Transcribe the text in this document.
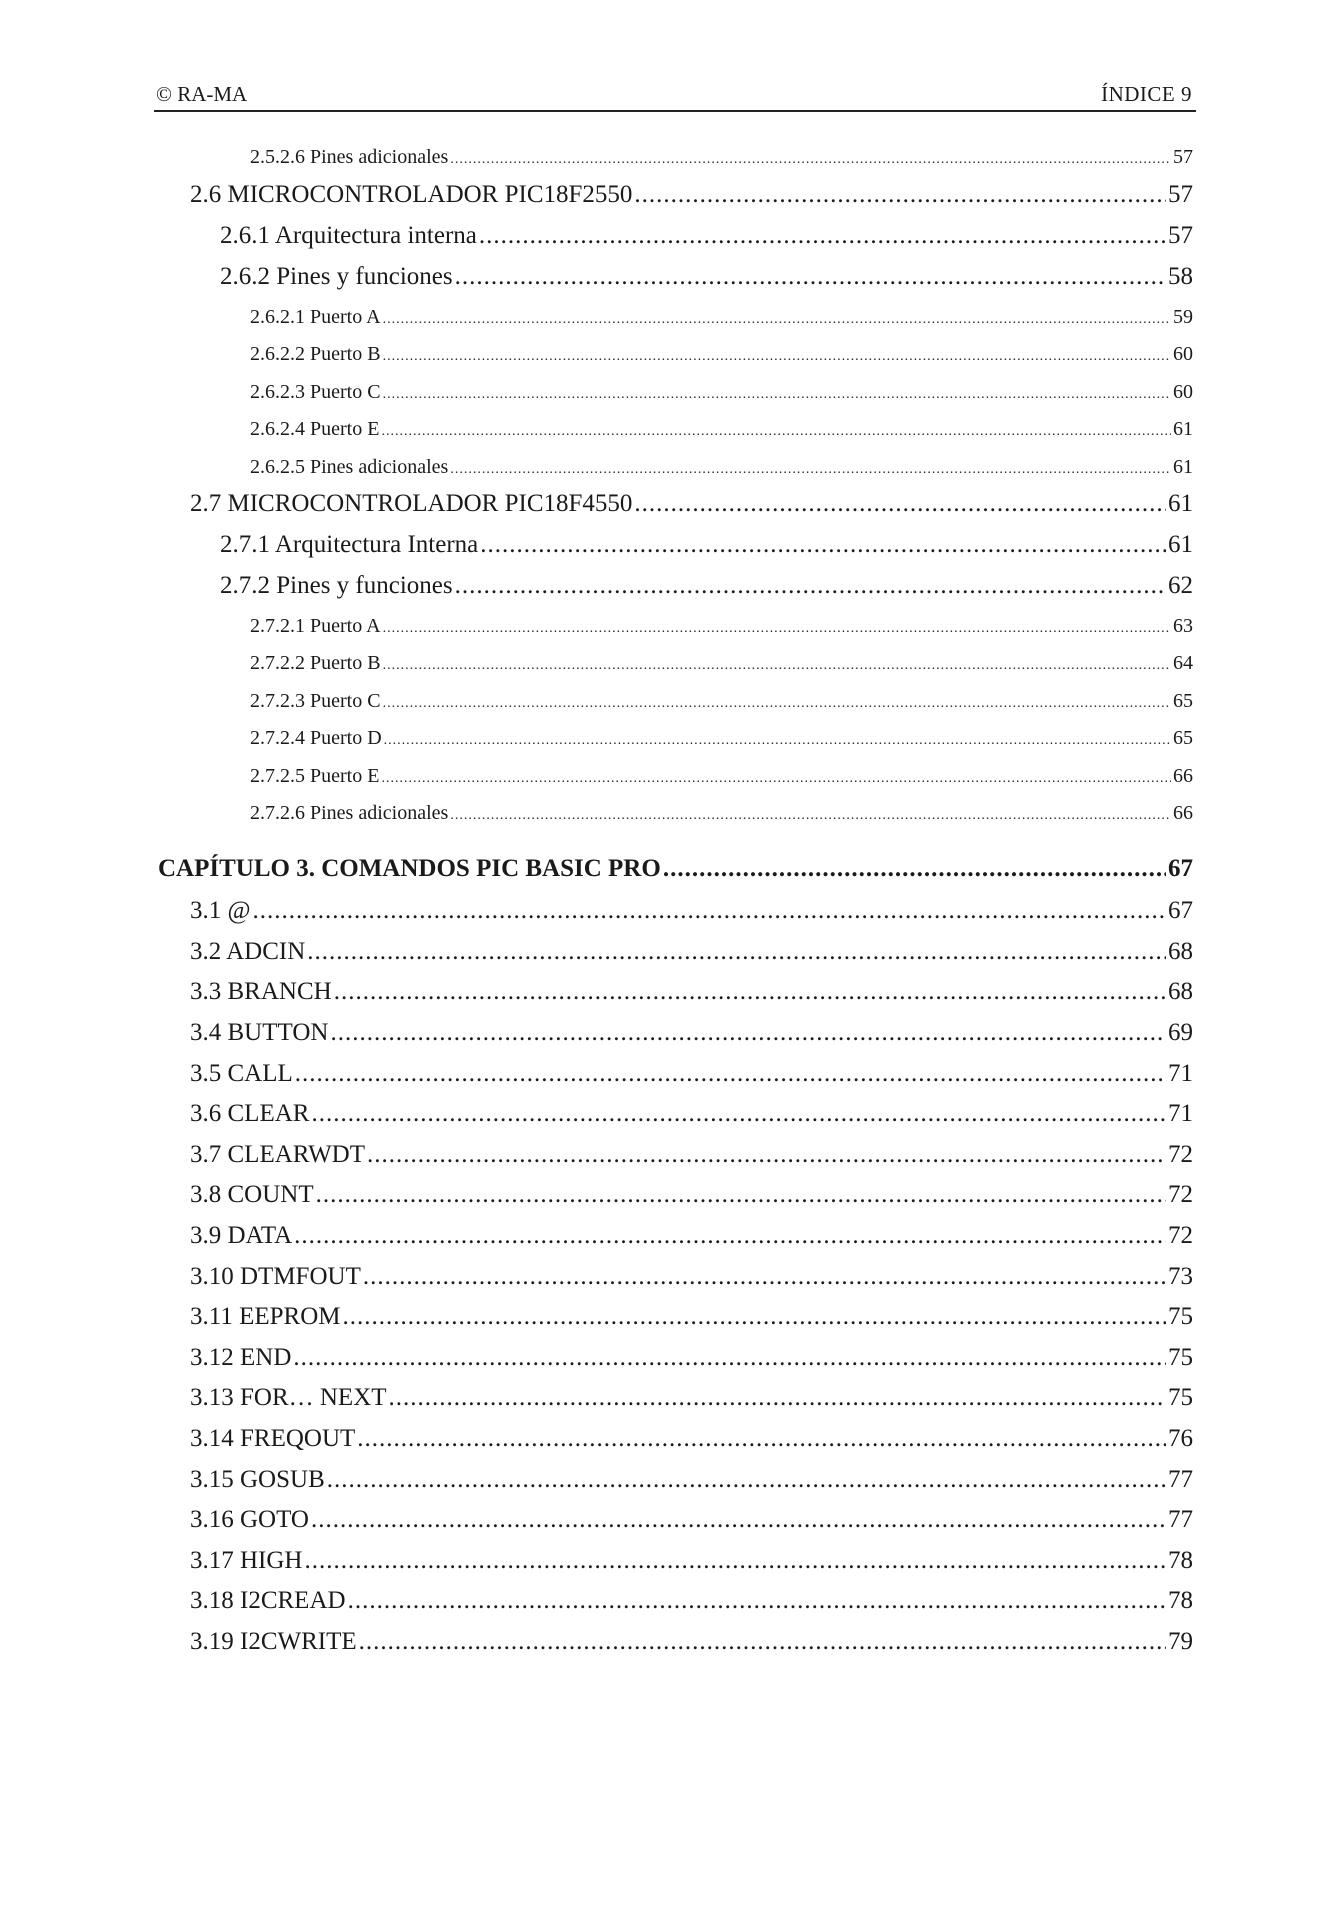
© RA-MA	ÍNDICE 9
2.5.2.6 Pines adicionales .....	57
2.6 MICROCONTROLADOR PIC18F2550 .....	57
2.6.1 Arquitectura interna .....	57
2.6.2 Pines y funciones .....	58
2.6.2.1 Puerto A .....	59
2.6.2.2 Puerto B .....	60
2.6.2.3 Puerto C .....	60
2.6.2.4 Puerto E .....	61
2.6.2.5 Pines adicionales .....	61
2.7 MICROCONTROLADOR PIC18F4550 .....	61
2.7.1 Arquitectura Interna .....	61
2.7.2 Pines y funciones .....	62
2.7.2.1 Puerto A .....	63
2.7.2.2 Puerto B .....	64
2.7.2.3 Puerto C .....	65
2.7.2.4 Puerto D .....	65
2.7.2.5 Puerto E .....	66
2.7.2.6 Pines adicionales .....	66
CAPÍTULO 3. COMANDOS PIC BASIC PRO .....	67
3.1 @ .....	67
3.2 ADCIN .....	68
3.3 BRANCH .....	68
3.4 BUTTON .....	69
3.5 CALL .....	71
3.6 CLEAR .....	71
3.7 CLEARWDT .....	72
3.8 COUNT .....	72
3.9 DATA .....	72
3.10 DTMFOUT .....	73
3.11 EEPROM .....	75
3.12 END .....	75
3.13 FOR… NEXT .....	75
3.14 FREQOUT .....	76
3.15 GOSUB .....	77
3.16 GOTO .....	77
3.17 HIGH .....	78
3.18 I2CREAD .....	78
3.19 I2CWRITE .....	79
